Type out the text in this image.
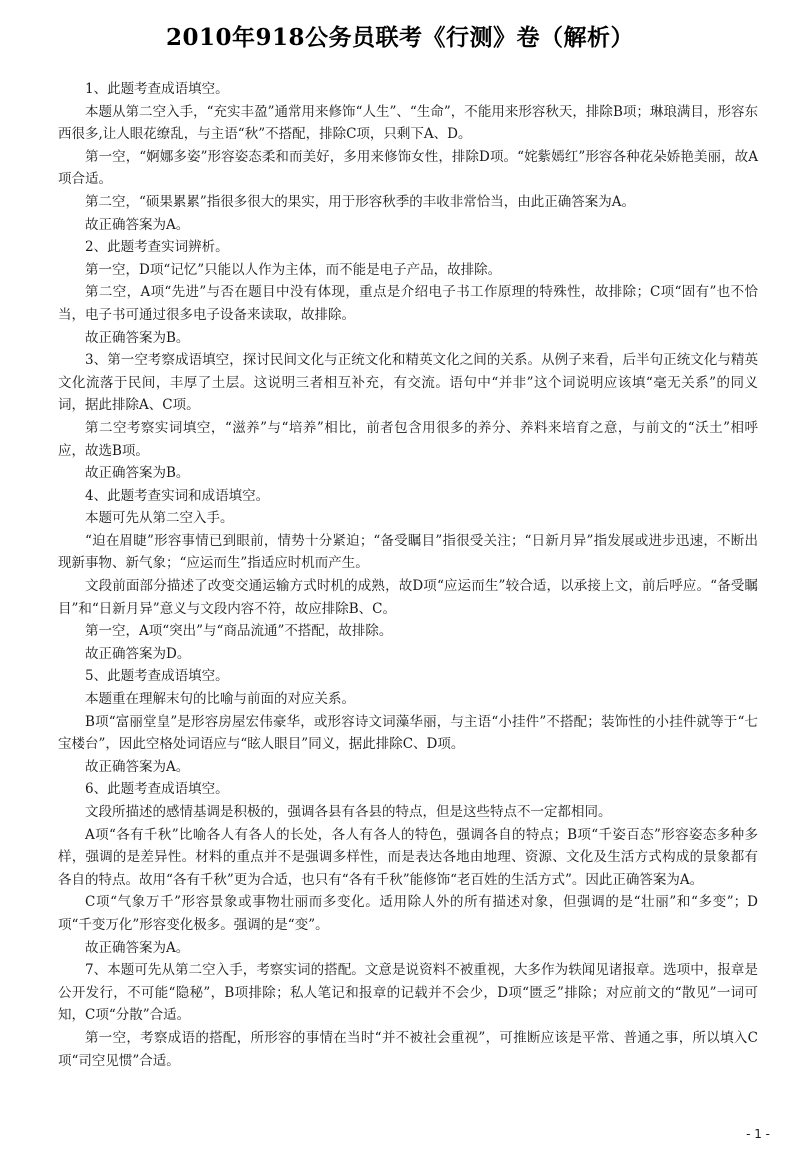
2010年918公务员联考《行测》卷（解析）

1、此题考查成语填空。

本题从第二空入手，“充实丰盈”通常用来修饰“人生”、“生命”，不能用来形容秋天，排除B项；琳琅满目，形容东西很多,让人眼花缭乱，与主语“秋”不搭配，排除C项，只剩下A、D。

第一空，“婀娜多姿”形容姿态柔和而美好，多用来修饰女性，排除D项。“姹紫嫣红”形容各种花朵娇艳美丽，故A项合适。

第二空，“硕果累累”指很多很大的果实，用于形容秋季的丰收非常恰当，由此正确答案为A。

故正确答案为A。

2、此题考查实词辨析。

第一空，D项“记忆”只能以人作为主体，而不能是电子产品，故排除。

第二空，A项“先进”与否在题目中没有体现，重点是介绍电子书工作原理的特殊性，故排除；C项“固有”也不恰当，电子书可通过很多电子设备来读取，故排除。

故正确答案为B。

3、第一空考察成语填空，探讨民间文化与正统文化和精英文化之间的关系。从例子来看，后半句正统文化与精英文化流落于民间，丰厚了土层。这说明三者相互补充，有交流。语句中“并非”这个词说明应该填“毫无关系”的同义词，据此排除A、C项。

第二空考察实词填空，“滋养”与“培养”相比，前者包含用很多的养分、养料来培育之意，与前文的“沃土”相呼应，故选B项。

故正确答案为B。

4、此题考查实词和成语填空。

本题可先从第二空入手。

“迫在眉睫”形容事情已到眼前，情势十分紧迫；“备受瞩目”指很受关注；“日新月异”指发展或进步迅速，不断出现新事物、新气象；“应运而生”指适应时机而产生。

文段前面部分描述了改变交通运输方式时机的成熟，故D项“应运而生”较合适，以承接上文，前后呼应。“备受瞩目”和“日新月异”意义与文段内容不符，故应排除B、C。

第一空，A项“突出”与“商品流通”不搭配，故排除。

故正确答案为D。

5、此题考查成语填空。

本题重在理解末句的比喻与前面的对应关系。

B项“富丽堂皇”是形容房屋宏伟豪华，或形容诗文词藻华丽，与主语“小挂件”不搭配；装饰性的小挂件就等于“七宝楼台”，因此空格处词语应与“眩人眼目”同义，据此排除C、D项。

故正确答案为A。

6、此题考查成语填空。

文段所描述的感情基调是积极的，强调各县有各县的特点，但是这些特点不一定都相同。

A项“各有千秋”比喻各人有各人的长处，各人有各人的特色，强调各自的特点；B项“千姿百态”形容姿态多种多样，强调的是差异性。材料的重点并不是强调多样性，而是表达各地由地理、资源、文化及生活方式构成的景象都有各自的特点。故用“各有千秋”更为合适，也只有“各有千秋”能修饰“老百姓的生活方式”。因此正确答案为A。

C项“气象万千”形容景象或事物壮丽而多变化。适用除人外的所有描述对象，但强调的是“壮丽”和“多变”；D项“千变万化”形容变化极多。强调的是“变”。

故正确答案为A。

7、本题可先从第二空入手，考察实词的搭配。文意是说资料不被重视，大多作为轶闻见诸报章。选项中，报章是公开发行，不可能“隐秘”，B项排除；私人笔记和报章的记载并不会少，D项“匮乏”排除；对应前文的“散见”一词可知，C项“分散”合适。

第一空，考察成语的搭配，所形容的事情在当时“并不被社会重视”，可推断应该是平常、普通之事，所以填入C项“司空见惯”合适。

- 1 -
